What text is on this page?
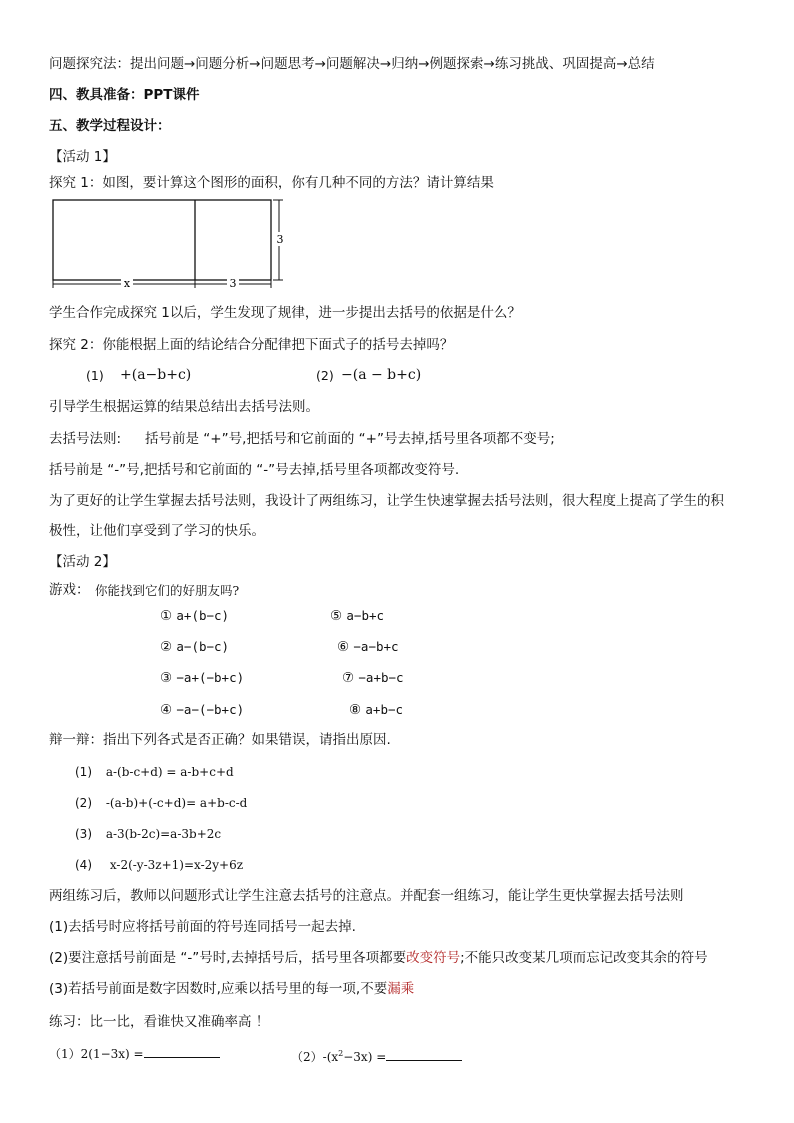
问题探究法：提出问题→问题分析→问题思考→问题解决→归纳→例题探索→练习挑战、巩固提高→总结
四、教具准备：PPT课件
五、教学过程设计：
【活动 1】
探究 1：如图，要计算这个图形的面积，你有几种不同的方法？请计算结果
3
x	3
学生合作完成探究 1以后，学生发现了规律，进一步提出去括号的依据是什么？
探究 2：你能根据上面的结论结合分配律把下面式子的括号去掉吗？
(1) +(a−b+c)	(2) −(a − b+c)
引导学生根据运算的结果总结出去括号法则。
去括号法则: 括号前是 “+”号,把括号和它前面的 “+”号去掉,括号里各项都不变号;
括号前是 “-”号,把括号和它前面的 “-”号去掉,括号里各项都改变符号.
为了更好的让学生掌握去括号法则，我设计了两组练习，让学生快速掌握去括号法则，很大程度上提高了学生的积
极性，让他们享受到了学习的快乐。
【活动 2】
游戏： 你能找到它们的好朋友吗?
① a+(b−c)	⑤ a−b+c
② a−(b−c)	⑥ −a−b+c
③ −a+(−b+c)	⑦ −a+b−c
④ −a−(−b+c)	⑧ a+b−c
辩一辩：指出下列各式是否正确？如果错误，请指出原因.
(1) a-(b-c+d) = a-b+c+d
(2) -(a-b)+(-c+d)= a+b-c-d
(3) a-3(b-2c)=a-3b+2c
(4) x-2(-y-3z+1)=x-2y+6z
两组练习后，教师以问题形式让学生注意去括号的注意点。并配套一组练习，能让学生更快掌握去括号法则
(1)去括号时应将括号前面的符号连同括号一起去掉.
(2)要注意括号前面是 “-”号时,去掉括号后，括号里各项都要改变符号;不能只改变某几项而忘记改变其余的符号
(3)若括号前面是数字因数时,应乘以括号里的每一项,不要漏乘
练习：比一比，看谁快又准确率高 ！
（1）2(1−3x) =	$(2)-(x^2-3x)$ =
